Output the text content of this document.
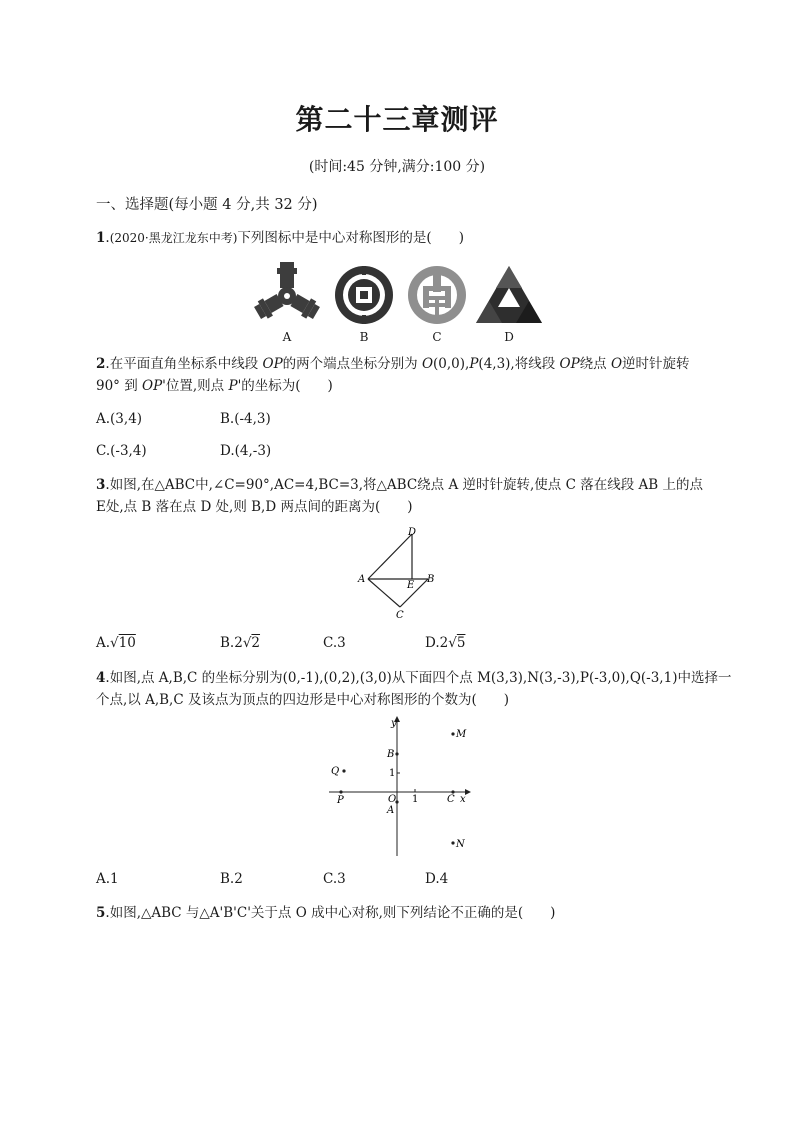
第二十三章测评
(时间:45 分钟,满分:100 分)
一、选择题(每小题 4 分,共 32 分)
1.(2020·黑龙江龙东中考)下列图标中是中心对称图形的是(　　)
A	B	C	D
2.在平面直角坐标系中线段 OP的两个端点坐标分别为 O(0,0),P(4,3),将线段 OP绕点 O逆时针旋转
90° 到 OP'位置,则点 P'的坐标为(　　)
A.(3,4)	B.(-4,3)
C.(-3,4)	D.(4,-3)
3.如图,在△ABC中,∠C=90°,AC=4,BC=3,将△ABC绕点 A 逆时针旋转,使点 C 落在线段 AB 上的点
E处,点 B 落在点 D 处,则 B,D 两点间的距离为(　　)
D
A
E
B
C
A.√10	B.2√2	C.3	D.2√5
4.如图,点 A,B,C 的坐标分别为(0,-1),(0,2),(3,0)从下面四个点 M(3,3),N(3,-3),P(-3,0),Q(-3,1)中选择一
个点,以 A,B,C 及该点为顶点的四边形是中心对称图形的个数为(　　)
y
M
B
1
Q
P	O 1	C x
A
N
A.1	B.2	C.3	D.4
5.如图,△ABC 与△A'B'C'关于点 O 成中心对称,则下列结论不正确的是(　　)
